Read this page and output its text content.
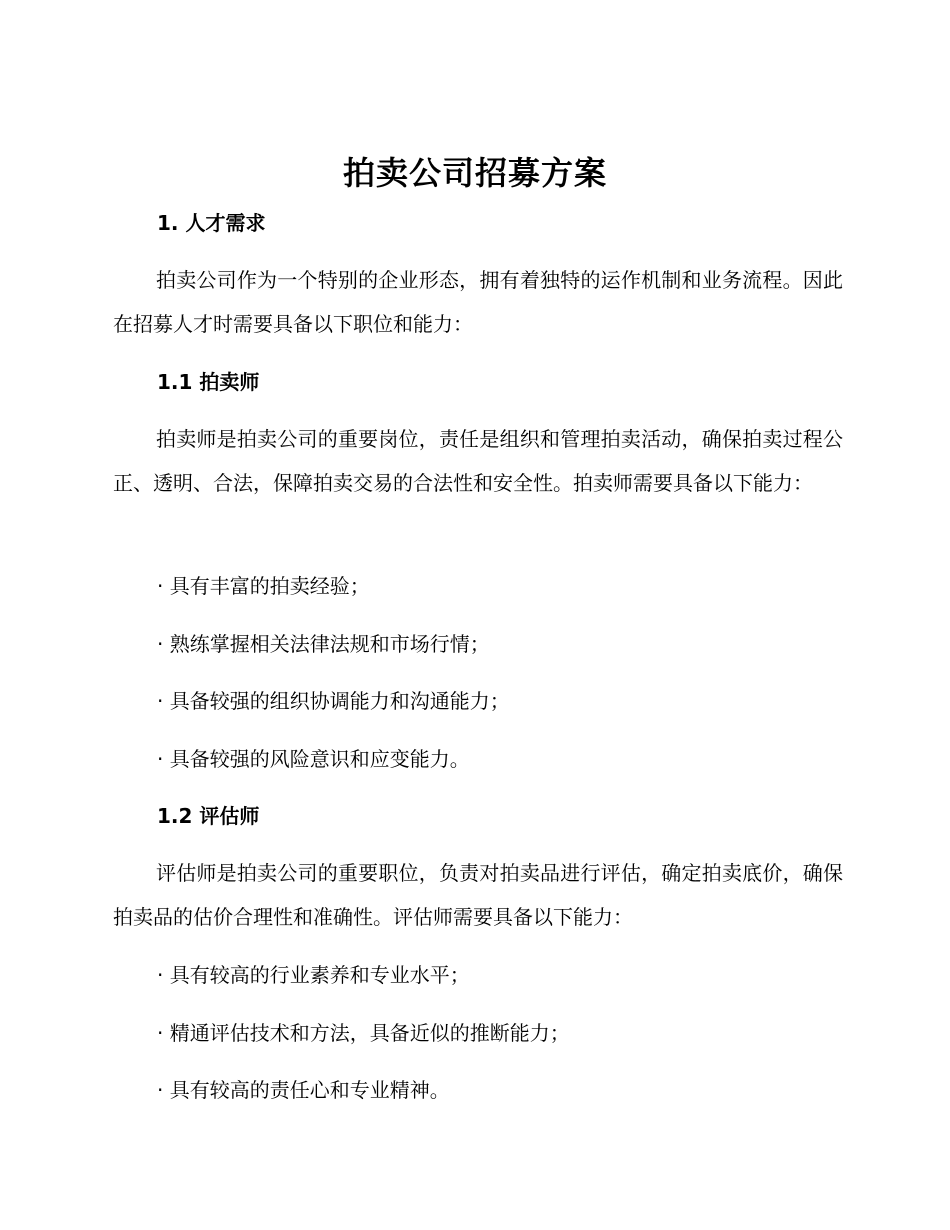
拍卖公司招募方案
1. 人才需求
拍卖公司作为一个特别的企业形态，拥有着独特的运作机制和业务流程。因此在招募人才时需要具备以下职位和能力：
1.1 拍卖师
拍卖师是拍卖公司的重要岗位，责任是组织和管理拍卖活动，确保拍卖过程公正、透明、合法，保障拍卖交易的合法性和安全性。拍卖师需要具备以下能力：
· 具有丰富的拍卖经验；
· 熟练掌握相关法律法规和市场行情；
· 具备较强的组织协调能力和沟通能力；
· 具备较强的风险意识和应变能力。
1.2 评估师
评估师是拍卖公司的重要职位，负责对拍卖品进行评估，确定拍卖底价，确保拍卖品的估价合理性和准确性。评估师需要具备以下能力：
· 具有较高的行业素养和专业水平；
· 精通评估技术和方法，具备近似的推断能力；
· 具有较高的责任心和专业精神。
